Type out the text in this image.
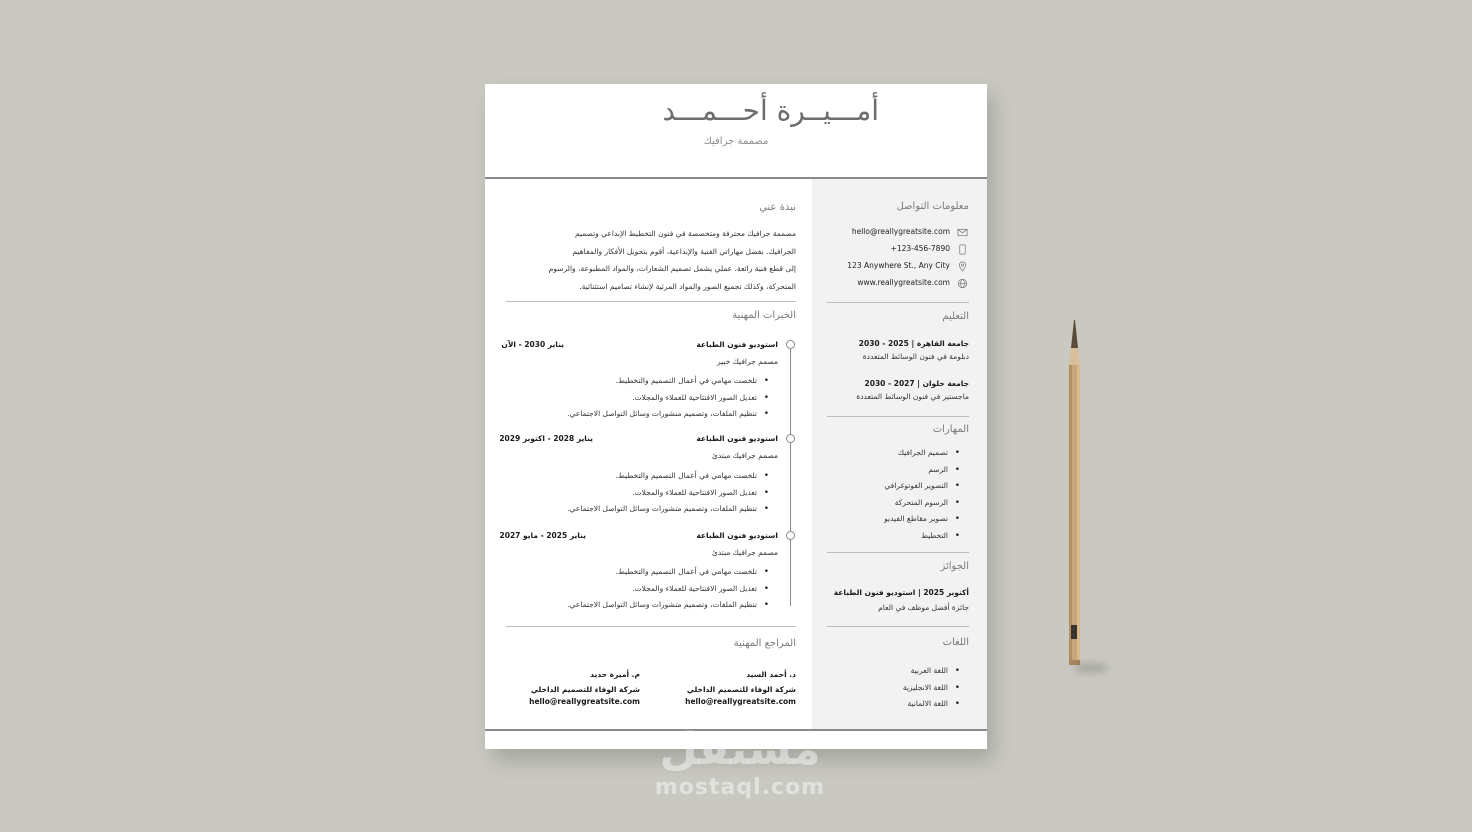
أمـــيــرة أحـــمـــد
مصممة جرافيك
معلومات التواصل
hello@reallygreatsite.com
+123-456-7890
123 Anywhere St., Any City
www.reallygreatsite.com
التعليم
جامعة القاهرة | 2025 - 2030
دبلومة في فنون الوسائط المتعددة
جامعة حلوان | 2027 - 2030
ماجستير في فنون الوسائط المتعددة
المهارات
• تصميم الجرافيك
• الرسم
• التصوير الفوتوغرافي
• الرسوم المتحركة
• تصوير مقاطع الفيديو
• التخطيط
الجوائز
أكتوبر 2025 | استوديو فنون الطباعة
جائزة أفضل موظف في العام
اللغات
• اللغة العربية
• اللغة الانجليزية
• اللغة الالمانية
نبذة عني
مصممة جرافيك محترفة ومتخصصة في فنون التخطيط الإبداعي وتصميم
الجرافيك. بفضل مهاراتي الفنية والإبداعية، أقوم بتحويل الأفكار والمفاهيم
إلى قطع فنية رائعة. عملي يشمل تصميم الشعارات، والمواد المطبوعة، والرسوم
المتحركة، وكذلك تجميع الصور والمواد المرئية لإنشاء تصاميم استثنائية.
الخبرات المهنية
استوديو فنون الطباعة
يناير 2030 - الآن
مصمم جرافيك خبير
• تلخصت مهامي في أعمال التصميم والتخطيط.
• تعديل الصور الافتتاحية للعملاء والمجلات.
• تنظيم الملفات، وتصميم منشورات وسائل التواصل الاجتماعي.
استوديو فنون الطباعة
يناير 2028 - اكتوبر 2029
مصمم جرافيك مبتدئ
• تلخصت مهامي في أعمال التصميم والتخطيط.
• تعديل الصور الافتتاحية للعملاء والمجلات.
• تنظيم الملفات، وتصميم منشورات وسائل التواصل الاجتماعي.
استوديو فنون الطباعة
يناير 2025 - مايو 2027
مصمم جرافيك مبتدئ
• تلخصت مهامي في أعمال التصميم والتخطيط.
• تعديل الصور الافتتاحية للعملاء والمجلات.
• تنظيم الملفات، وتصميم منشورات وسائل التواصل الاجتماعي.
المراجع المهنية
د. أحمد السيد
شركة الوفاء للتصميم الداخلي
hello@reallygreatsite.com
م. أميرة حديد
شركة الوفاء للتصميم الداخلي
hello@reallygreatsite.com
مستقل
mostaql.com
